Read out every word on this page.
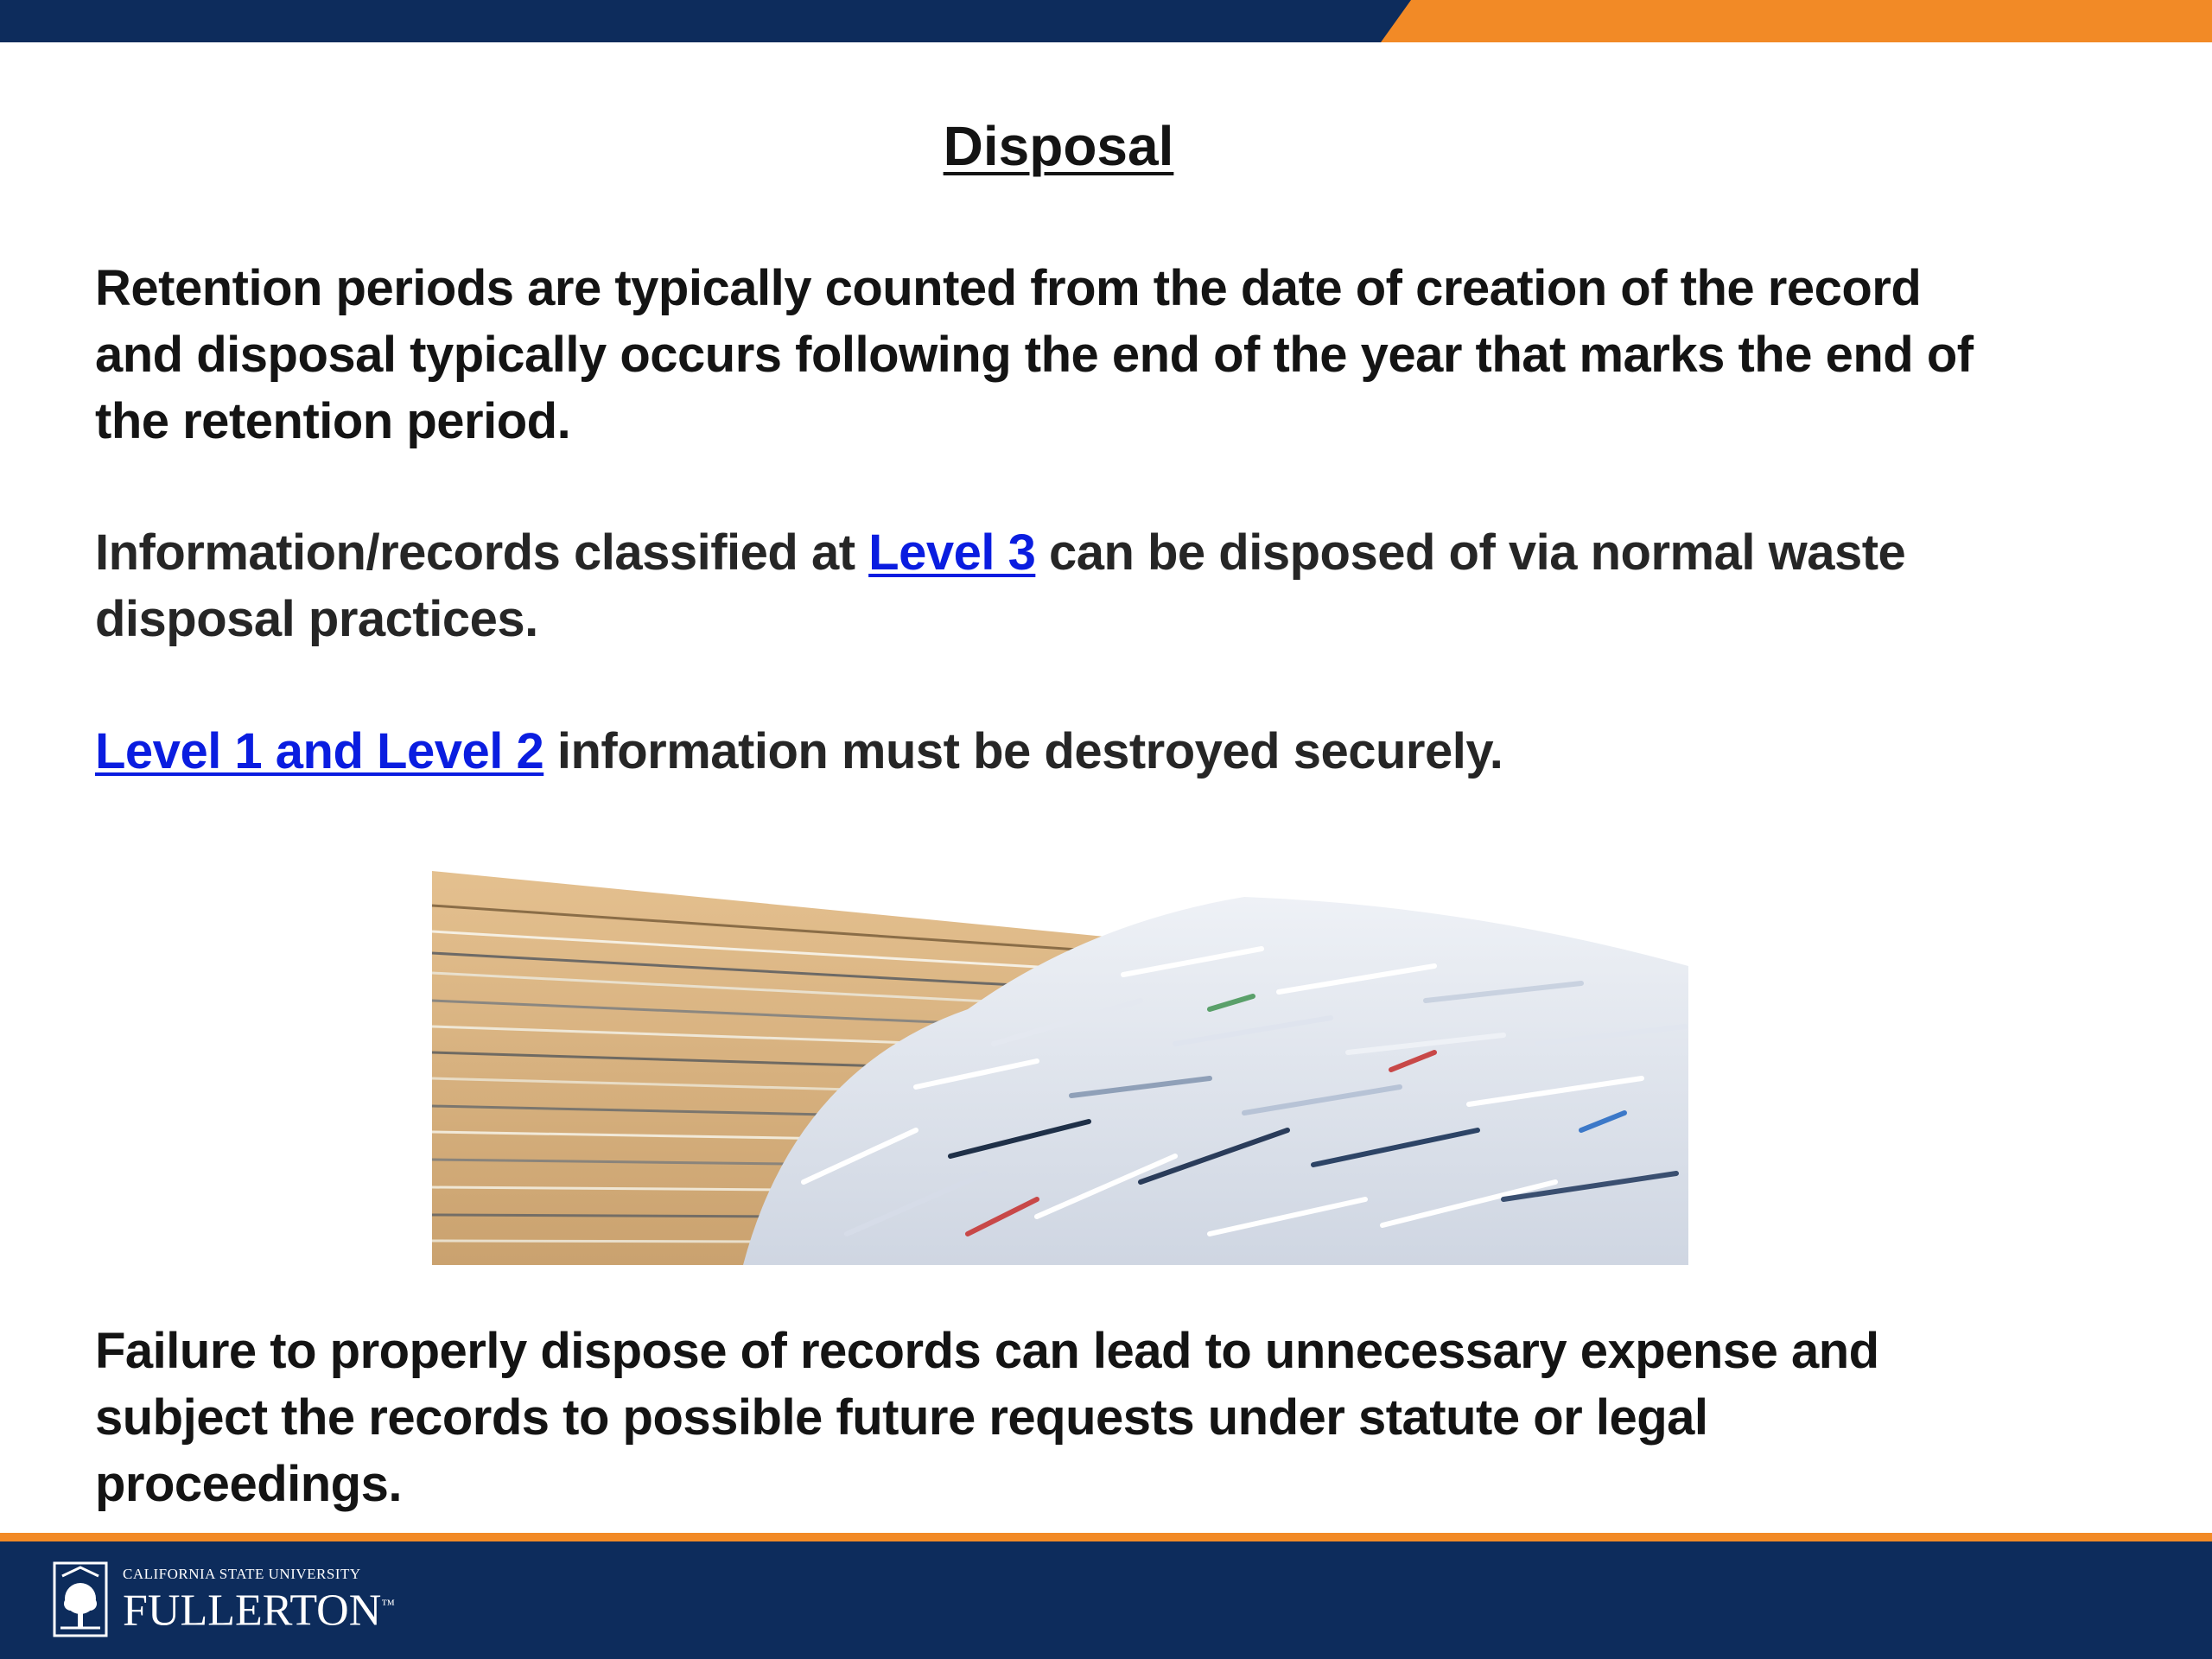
Disposal

Retention periods are typically counted from the date of creation of the record and disposal typically occurs following the end of the year that marks the end of the retention period.

Information/records classified at Level 3 can be disposed of via normal waste disposal practices.

Level 1 and Level 2 information must be destroyed securely.

Failure to properly dispose of records can lead to unnecessary expense and subject the records to possible future requests under statute or legal proceedings.

CALIFORNIA STATE UNIVERSITY
FULLERTON™
